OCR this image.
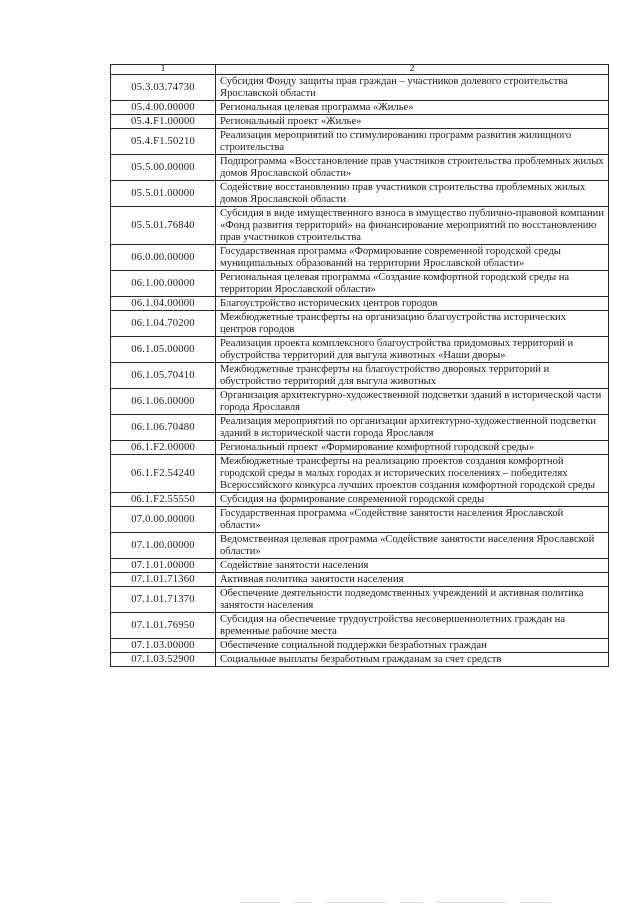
1	2
05.3.03.74730	Субсидия Фонду защиты прав граждан – участников долевого строительства Ярославской области
05.4.00.00000	Региональная целевая программа «Жилье»
05.4.F1.00000	Региональный проект «Жилье»
05.4.F1.50210	Реализация мероприятий по стимулированию программ развития жилищного строительства
05.5.00.00000	Подпрограмма «Восстановление прав участников строительства проблемных жилых домов Ярославской области»
05.5.01.00000	Содействие восстановлению прав участников строительства проблемных жилых домов Ярославской области
05.5.01.76840	Субсидия в виде имущественного взноса в имущество публично-правовой компании «Фонд развития территорий» на финансирование мероприятий по восстановлению прав участников строительства
06.0.00.00000	Государственная программа «Формирование современной городской среды муниципальных образований на территории Ярославской области»
06.1.00.00000	Региональная целевая программа «Создание комфортной городской среды на территории Ярославской области»
06.1.04.00000	Благоустройство исторических центров городов
06.1.04.70200	Межбюджетные трансферты на организацию благоустройства исторических центров городов
06.1.05.00000	Реализация проекта комплексного благоустройства придомовых территорий и обустройства территорий для выгула животных «Наши дворы»
06.1.05.70410	Межбюджетные трансферты на благоустройство дворовых территорий и обустройство территорий для выгула животных
06.1.06.00000	Организация архитектурно-художественной подсветки зданий в исторической части города Ярославля
06.1.06.70480	Реализация мероприятий по организации архитектурно-художественной подсветки зданий в исторической части города Ярославля
06.1.F2.00000	Региональный проект «Формирование комфортной городской среды»
06.1.F2.54240	Межбюджетные трансферты на реализацию проектов создания комфортной городской среды в малых городах и исторических поселениях – победителях Всероссийского конкурса лучших проектов создания комфортной городской среды
06.1.F2.55550	Субсидия на формирование современной городской среды
07.0.00.00000	Государственная программа «Содействие занятости населения Ярославской области»
07.1.00.00000	Ведомственная целевая программа «Содействие занятости населения Ярославской области»
07.1.01.00000	Содействие занятости населения
07.1.01.71360	Активная политика занятости населения
07.1.01.71370	Обеспечение деятельности подведомственных учреждений и активная политика занятости населения
07.1.01.76950	Субсидия на обеспечение трудоустройства несовершеннолетних граждан на временные рабочие места
07.1.03.00000	Обеспечение социальной поддержки безработных граждан
07.1.03.52900	Социальные выплаты безработным гражданам за счет средств
